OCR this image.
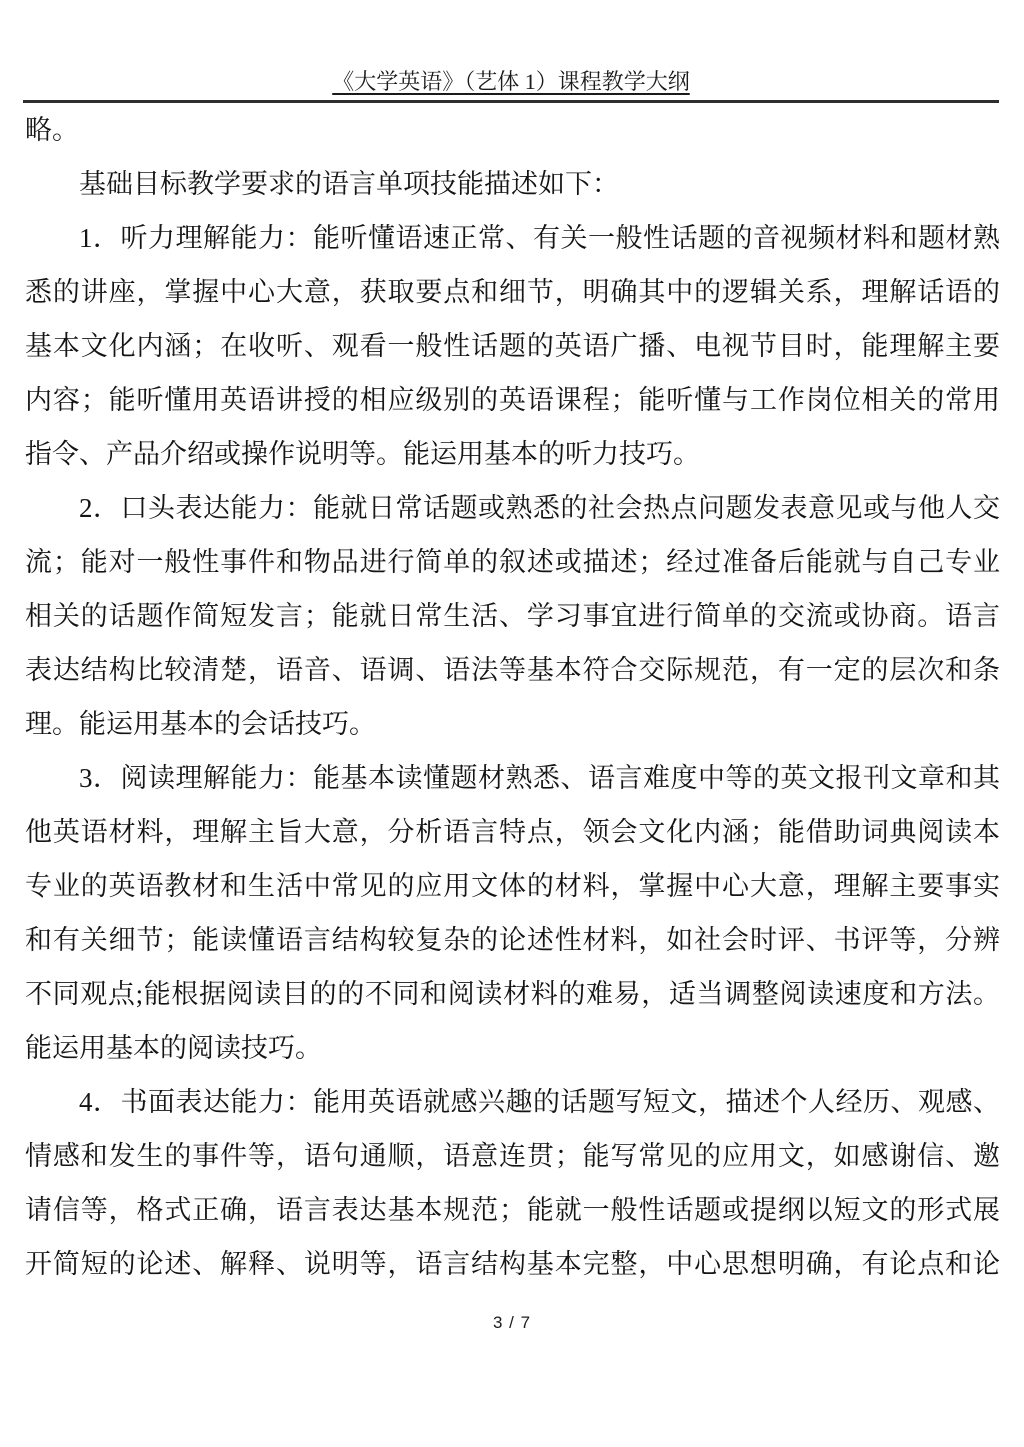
《大学英语》（艺体 1）课程教学大纲
略。
基础目标教学要求的语言单项技能描述如下：
1．听力理解能力：能听懂语速正常、有关一般性话题的音视频材料和题材熟
悉的讲座，掌握中心大意，获取要点和细节，明确其中的逻辑关系，理解话语的
基本文化内涵；在收听、观看一般性话题的英语广播、电视节目时，能理解主要
内容；能听懂用英语讲授的相应级别的英语课程；能听懂与工作岗位相关的常用
指令、产品介绍或操作说明等。能运用基本的听力技巧。
2．口头表达能力：能就日常话题或熟悉的社会热点问题发表意见或与他人交
流；能对一般性事件和物品进行简单的叙述或描述；经过准备后能就与自己专业
相关的话题作简短发言；能就日常生活、学习事宜进行简单的交流或协商。语言
表达结构比较清楚，语音、语调、语法等基本符合交际规范，有一定的层次和条
理。能运用基本的会话技巧。
3．阅读理解能力：能基本读懂题材熟悉、语言难度中等的英文报刊文章和其
他英语材料，理解主旨大意，分析语言特点，领会文化内涵；能借助词典阅读本
专业的英语教材和生活中常见的应用文体的材料，掌握中心大意，理解主要事实
和有关细节；能读懂语言结构较复杂的论述性材料，如社会时评、书评等，分辨
不同观点;能根据阅读目的的不同和阅读材料的难易，适当调整阅读速度和方法。
能运用基本的阅读技巧。
4．书面表达能力：能用英语就感兴趣的话题写短文，描述个人经历、观感、
情感和发生的事件等，语句通顺，语意连贯；能写常见的应用文，如感谢信、邀
请信等，格式正确，语言表达基本规范；能就一般性话题或提纲以短文的形式展
开简短的论述、解释、说明等，语言结构基本完整，中心思想明确，有论点和论
3 / 7
